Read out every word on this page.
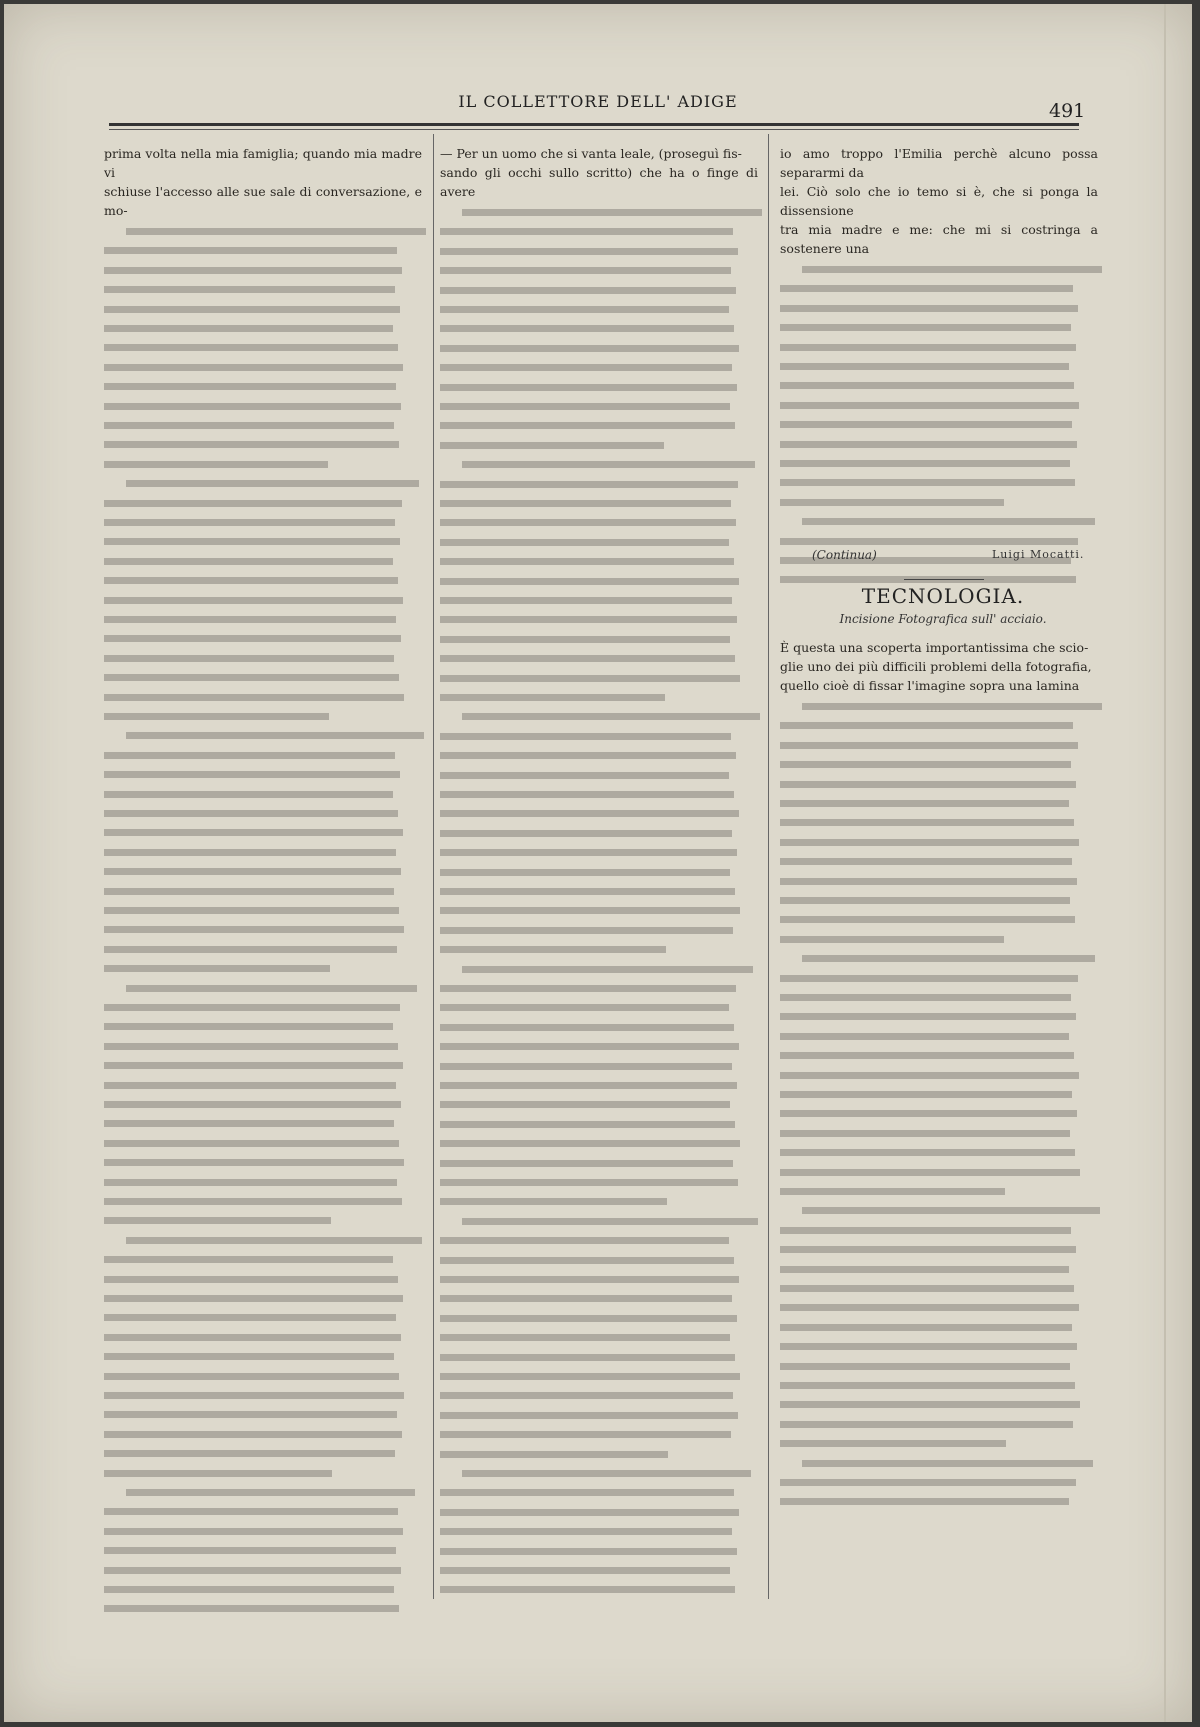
IL COLLETTORE DELL' ADIGE	491
prima volta nella mia famiglia; quando mia madre vi
schiuse l'accesso alle sue sale di conversazione, e mo-
— Per un uomo che si vanta leale, (proseguì fis-
sando gli occhi sullo scritto) che ha o finge di avere
io amo troppo l'Emilia perchè alcuno possa separarmi da
lei. Ciò solo che io temo si è, che si ponga la dissensione
tra mia madre e me: che mi si costringa a sostenere una
(Continua)	Luigi Mocatti.
TECNOLOGIA.
Incisione Fotografica sull' acciaio.
È questa una scoperta importantissima che scio-
glie uno dei più difficili problemi della fotografia,
quello cioè di fissar l'imagine sopra una lamina
